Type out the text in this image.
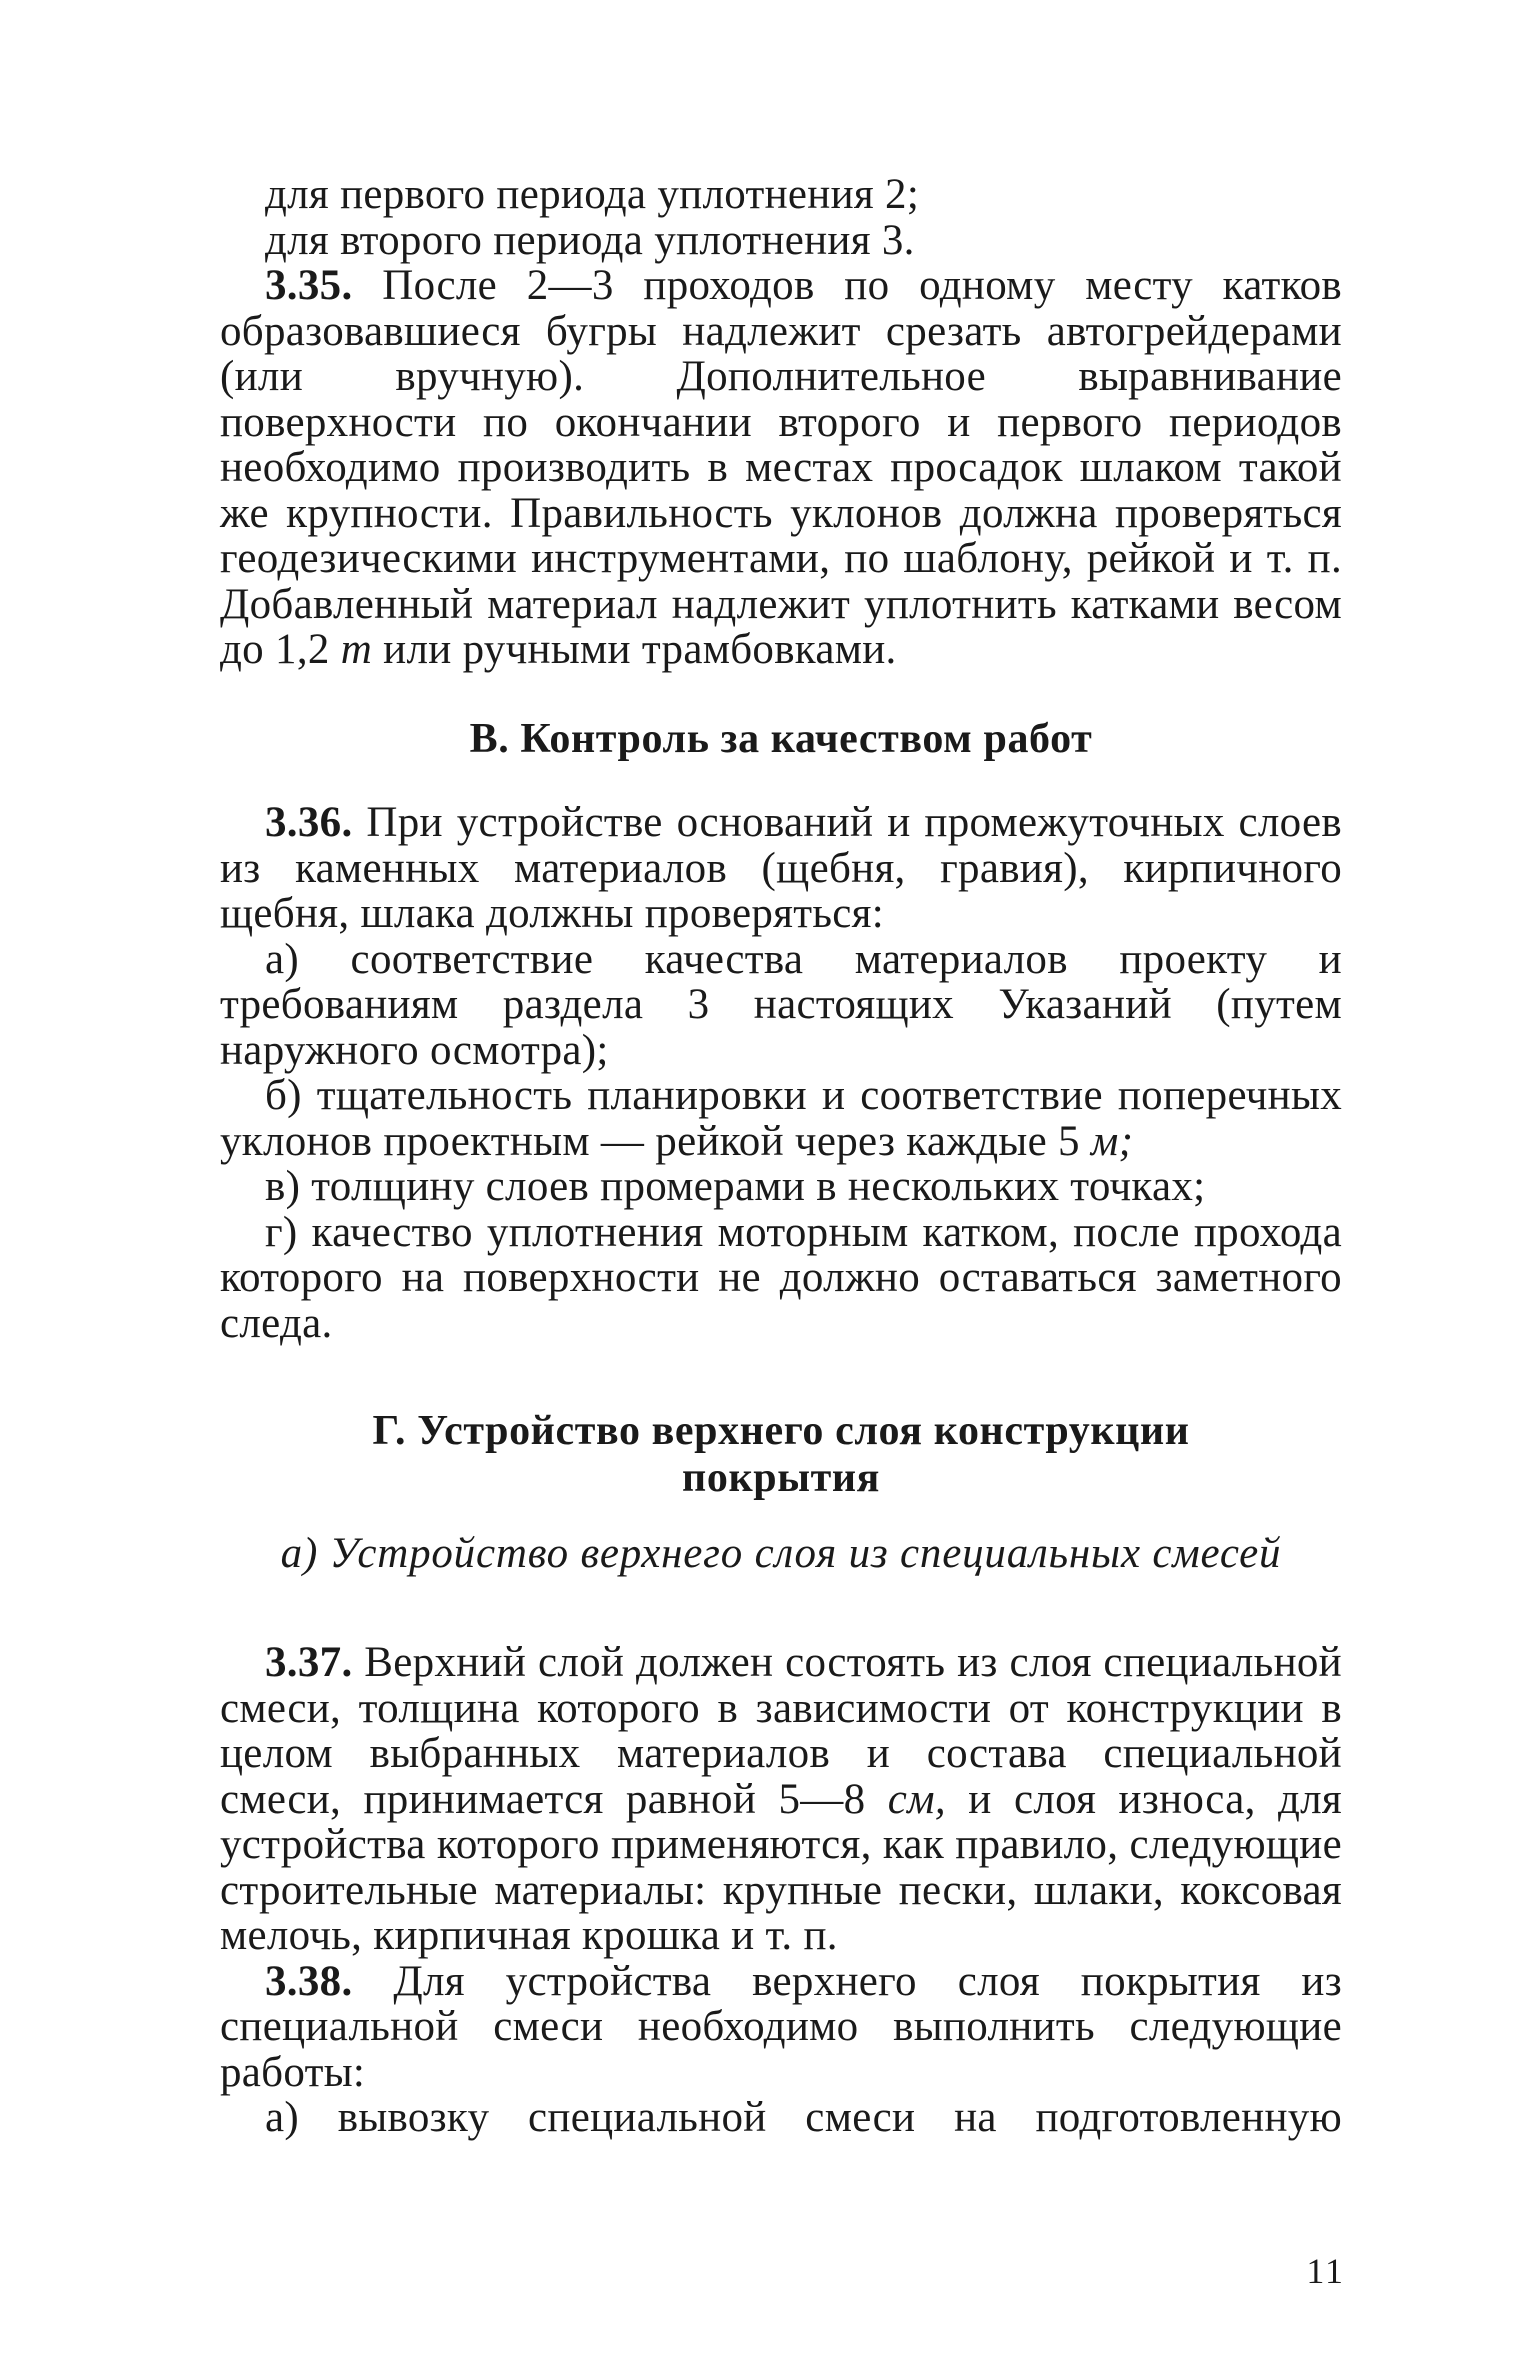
для первого периода уплотнения 2;

для второго периода уплотнения 3.

3.35. После 2—3 проходов по одному месту катков образовавшиеся бугры надлежит срезать автогрейдерами (или вручную). Дополнительное выравнивание поверхности по окончании второго и первого периодов необходимо производить в местах просадок шлаком такой же крупности. Правильность уклонов должна проверяться геодезическими инструментами, по шаблону, рейкой и т. п. Добавленный материал надлежит уплотнить катками весом до 1,2 т или ручными трамбовками.

В. Контроль за качеством работ

3.36. При устройстве оснований и промежуточных слоев из каменных материалов (щебня, гравия), кирпичного щебня, шлака должны проверяться:

а) соответствие качества материалов проекту и требованиям раздела 3 настоящих Указаний (путем наружного осмотра);

б) тщательность планировки и соответствие поперечных уклонов проектным — рейкой через каждые 5 м;

в) толщину слоев промерами в нескольких точках;

г) качество уплотнения моторным катком, после прохода которого на поверхности не должно оставаться заметного следа.

Г. Устройство верхнего слоя конструкции
покрытия
а) Устройство верхнего слоя из специальных смесей

3.37. Верхний слой должен состоять из слоя специальной смеси, толщина которого в зависимости от конструкции в целом выбранных материалов и состава специальной смеси, принимается равной 5—8 см, и слоя износа, для устройства которого применяются, как правило, следующие строительные материалы: крупные пески, шлаки, коксовая мелочь, кирпичная крошка и т. п.

3.38. Для устройства верхнего слоя покрытия из специальной смеси необходимо выполнить следующие работы:

а) вывозку специальной смеси на подготовленную

11
